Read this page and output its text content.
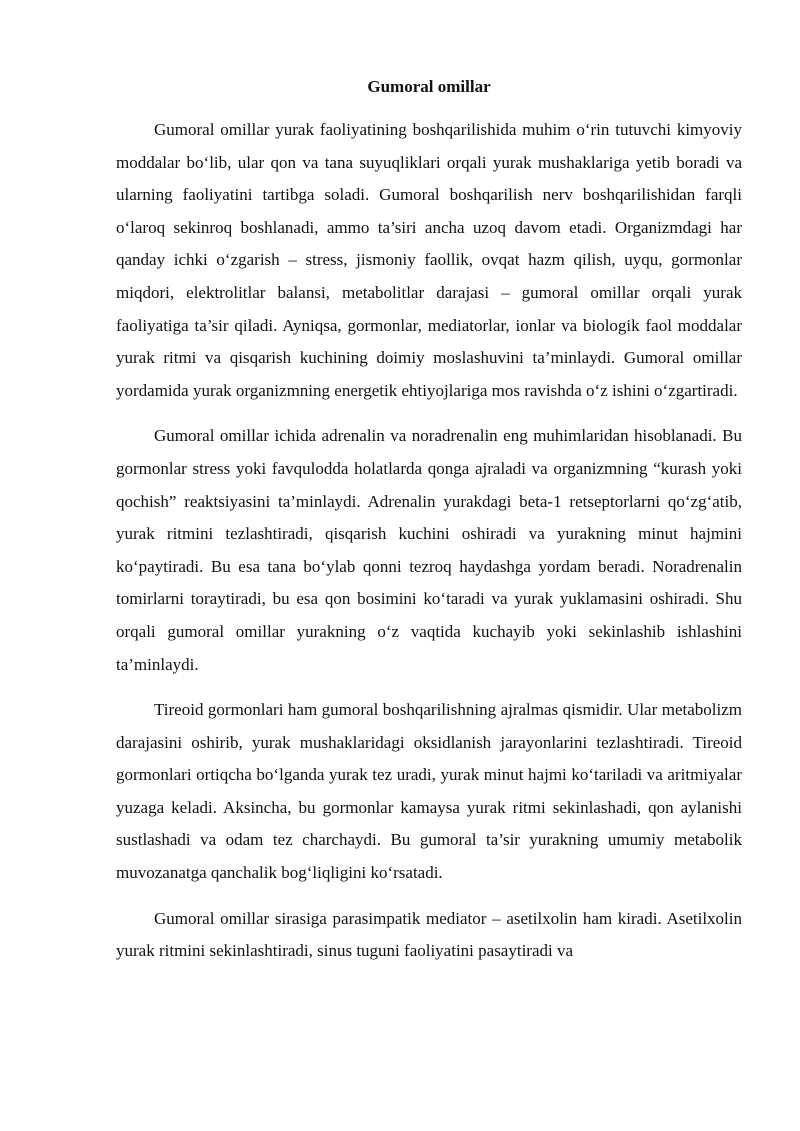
Gumoral omillar

Gumoral omillar yurak faoliyatining boshqarilishida muhim o‘rin tutuvchi kimyoviy moddalar bo‘lib, ular qon va tana suyuqliklari orqali yurak mushaklariga yetib boradi va ularning faoliyatini tartibga soladi. Gumoral boshqarilish nerv boshqarilishidan farqli o‘laroq sekinroq boshlanadi, ammo ta’siri ancha uzoq davom etadi. Organizmdagi har qanday ichki o‘zgarish – stress, jismoniy faollik, ovqat hazm qilish, uyqu, gormonlar miqdori, elektrolitlar balansi, metabolitlar darajasi – gumoral omillar orqali yurak faoliyatiga ta’sir qiladi. Ayniqsa, gormonlar, mediatorlar, ionlar va biologik faol moddalar yurak ritmi va qisqarish kuchining doimiy moslashuvini ta’minlaydi. Gumoral omillar yordamida yurak organizmning energetik ehtiyojlariga mos ravishda o‘z ishini o‘zgartiradi.

Gumoral omillar ichida adrenalin va noradrenalin eng muhimlaridan hisoblanadi. Bu gormonlar stress yoki favqulodda holatlarda qonga ajraladi va organizmning “kurash yoki qochish” reaktsiyasini ta’minlaydi. Adrenalin yurakdagi beta-1 retseptorlarni qo‘zg‘atib, yurak ritmini tezlashtiradi, qisqarish kuchini oshiradi va yurakning minut hajmini ko‘paytiradi. Bu esa tana bo‘ylab qonni tezroq haydashga yordam beradi. Noradrenalin tomirlarni toraytiradi, bu esa qon bosimini ko‘taradi va yurak yuklamasini oshiradi. Shu orqali gumoral omillar yurakning o‘z vaqtida kuchayib yoki sekinlashib ishlashini ta’minlaydi.

Tireoid gormonlari ham gumoral boshqarilishning ajralmas qismidir. Ular metabolizm darajasini oshirib, yurak mushaklaridagi oksidlanish jarayonlarini tezlashtiradi. Tireoid gormonlari ortiqcha bo‘lganda yurak tez uradi, yurak minut hajmi ko‘tariladi va aritmiyalar yuzaga keladi. Aksincha, bu gormonlar kamaysa yurak ritmi sekinlashadi, qon aylanishi sustlashadi va odam tez charchaydi. Bu gumoral ta’sir yurakning umumiy metabolik muvozanatga qanchalik bog‘liqligini ko‘rsatadi.

Gumoral omillar sirasiga parasimpatik mediator – asetilxolin ham kiradi. Asetilxolin yurak ritmini sekinlashtiradi, sinus tuguni faoliyatini pasaytiradi va
